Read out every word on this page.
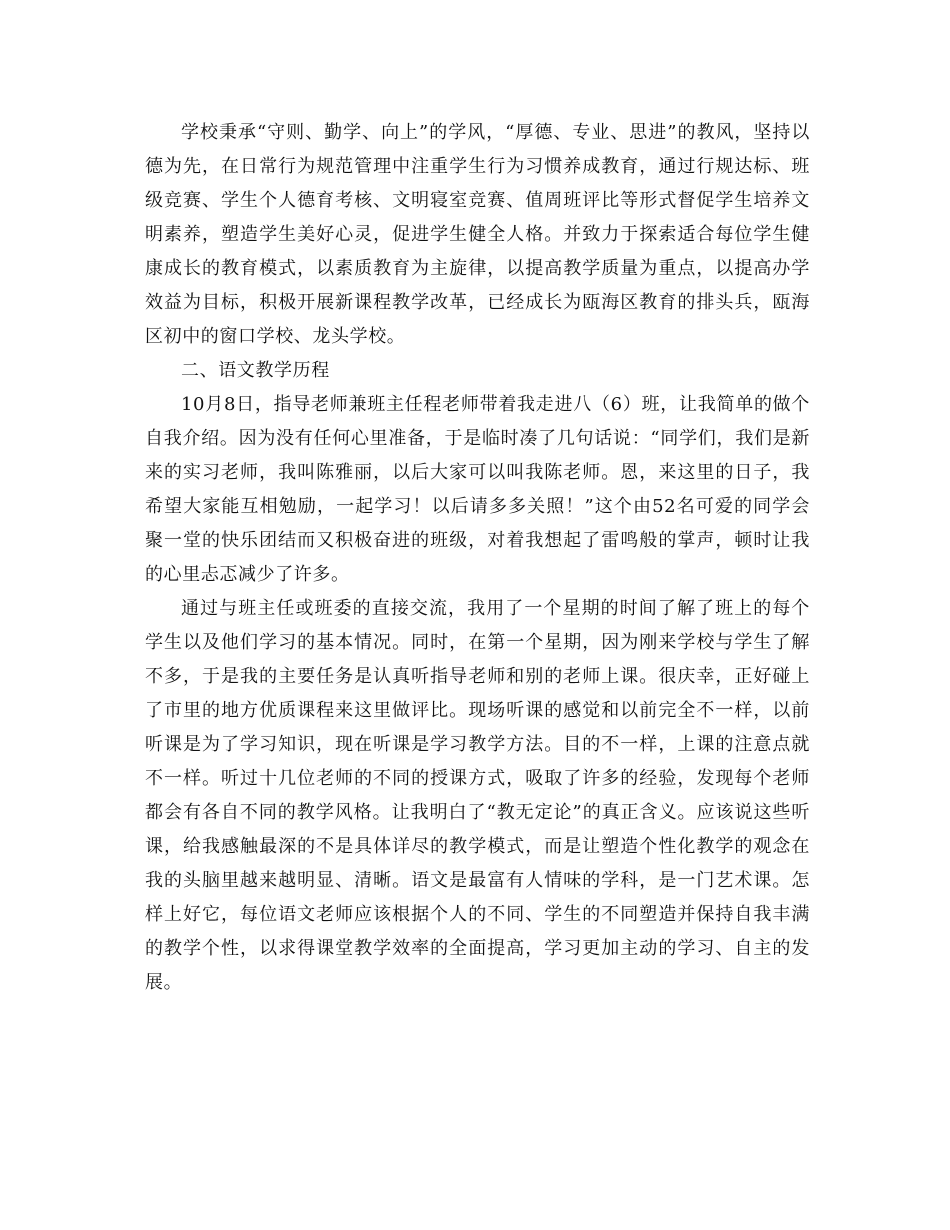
学校秉承“守则、勤学、向上”的学风，“厚德、专业、思进”的教风，坚持以德为先，在日常行为规范管理中注重学生行为习惯养成教育，通过行规达标、班级竞赛、学生个人德育考核、文明寝室竞赛、值周班评比等形式督促学生培养文明素养，塑造学生美好心灵，促进学生健全人格。并致力于探索适合每位学生健康成长的教育模式，以素质教育为主旋律，以提高教学质量为重点，以提高办学效益为目标，积极开展新课程教学改革，已经成长为瓯海区教育的排头兵，瓯海区初中的窗口学校、龙头学校。

二、语文教学历程

10月8日，指导老师兼班主任程老师带着我走进八（6）班，让我简单的做个自我介绍。因为没有任何心里准备，于是临时凑了几句话说：“同学们，我们是新来的实习老师，我叫陈雅丽，以后大家可以叫我陈老师。恩，来这里的日子，我希望大家能互相勉励，一起学习！以后请多多关照！”这个由52名可爱的同学会聚一堂的快乐团结而又积极奋进的班级，对着我想起了雷鸣般的掌声，顿时让我的心里忐忑减少了许多。

通过与班主任或班委的直接交流，我用了一个星期的时间了解了班上的每个学生以及他们学习的基本情况。同时，在第一个星期，因为刚来学校与学生了解不多，于是我的主要任务是认真听指导老师和别的老师上课。很庆幸，正好碰上了市里的地方优质课程来这里做评比。现场听课的感觉和以前完全不一样，以前听课是为了学习知识，现在听课是学习教学方法。目的不一样，上课的注意点就不一样。听过十几位老师的不同的授课方式，吸取了许多的经验，发现每个老师都会有各自不同的教学风格。让我明白了“教无定论”的真正含义。应该说这些听课，给我感触最深的不是具体详尽的教学模式，而是让塑造个性化教学的观念在我的头脑里越来越明显、清晰。语文是最富有人情味的学科，是一门艺术课。怎样上好它，每位语文老师应该根据个人的不同、学生的不同塑造并保持自我丰满的教学个性，以求得课堂教学效率的全面提高，学习更加主动的学习、自主的发展。
